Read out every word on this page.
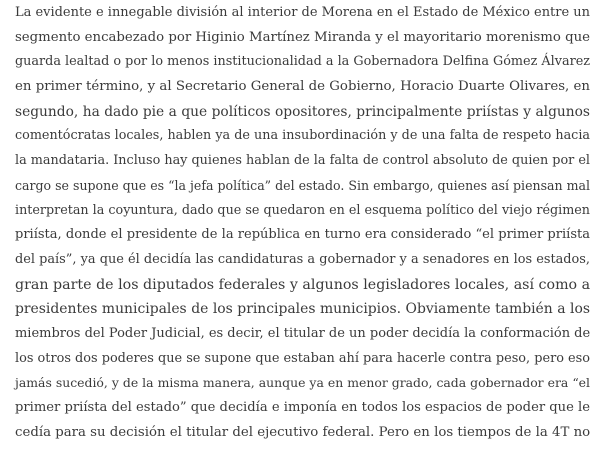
La evidente e innegable división al interior de Morena en el Estado de México entre un
segmento encabezado por Higinio Martínez Miranda y el mayoritario morenismo que
guarda lealtad o por lo menos institucionalidad a la Gobernadora Delfina Gómez Álvarez
en primer término, y al Secretario General de Gobierno, Horacio Duarte Olivares, en
segundo, ha dado pie a que políticos opositores, principalmente priístas y algunos
comentócratas locales, hablen ya de una insubordinación y de una falta de respeto hacia
la mandataria. Incluso hay quienes hablan de la falta de control absoluto de quien por el
cargo se supone que es “la jefa política” del estado. Sin embargo, quienes así piensan mal
interpretan la coyuntura, dado que se quedaron en el esquema político del viejo régimen
priísta, donde el presidente de la república en turno era considerado “el primer priísta
del país”, ya que él decidía las candidaturas a gobernador y a senadores en los estados,
gran parte de los diputados federales y algunos legisladores locales, así como a
presidentes municipales de los principales municipios. Obviamente también a los
miembros del Poder Judicial, es decir, el titular de un poder decidía la conformación de
los otros dos poderes que se supone que estaban ahí para hacerle contra peso, pero eso
jamás sucedió, y de la misma manera, aunque ya en menor grado, cada gobernador era “el
primer priísta del estado” que decidía e imponía en todos los espacios de poder que le
cedía para su decisión el titular del ejecutivo federal. Pero en los tiempos de la 4T no
